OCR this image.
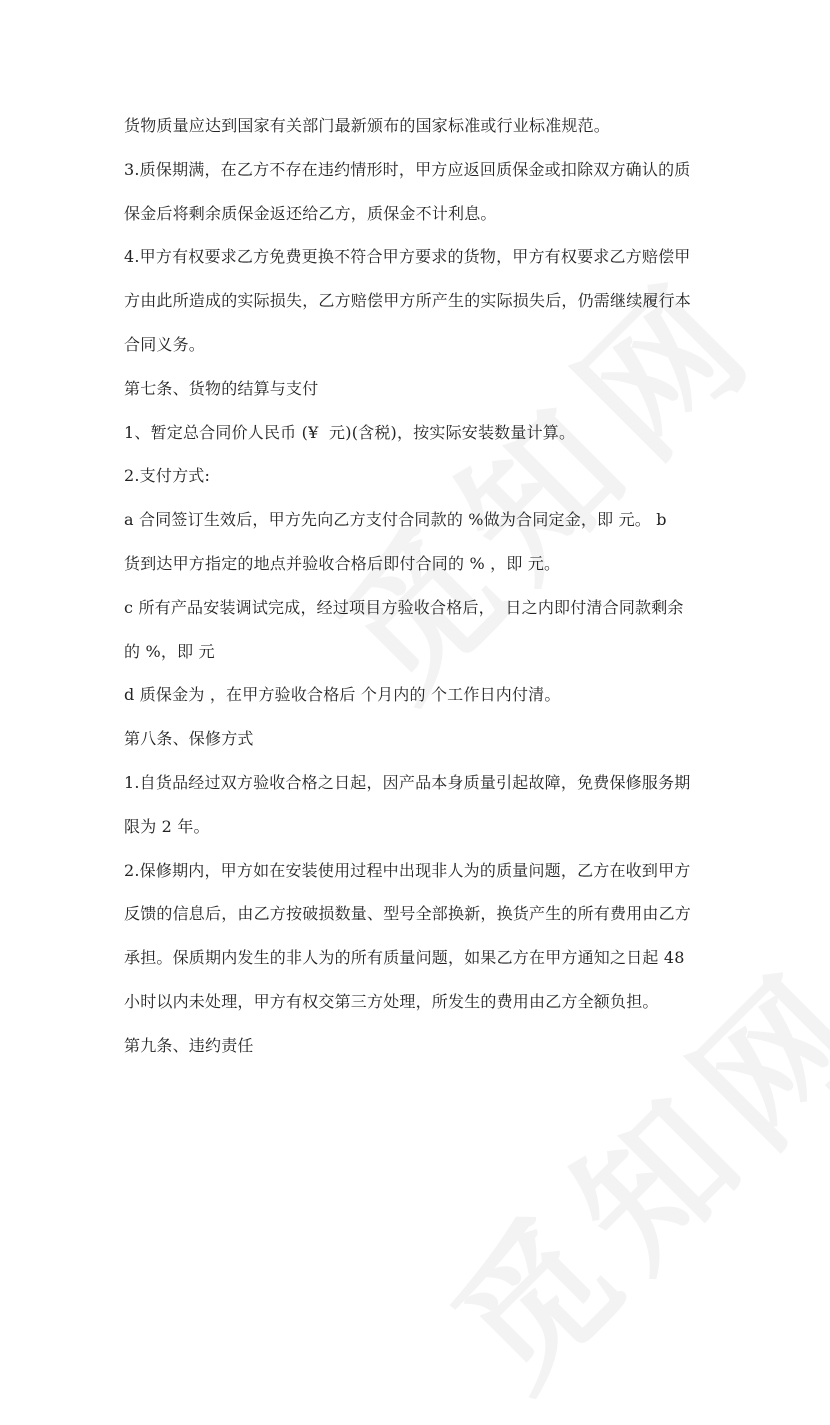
货物质量应达到国家有关部门最新颁布的国家标准或行业标准规范。
3.质保期满，在乙方不存在违约情形时，甲方应返回质保金或扣除双方确认的质
保金后将剩余质保金返还给乙方，质保金不计利息。
4.甲方有权要求乙方免费更换不符合甲方要求的货物，甲方有权要求乙方赔偿甲
方由此所造成的实际损失，乙方赔偿甲方所产生的实际损失后，仍需继续履行本
合同义务。
第七条、货物的结算与支付
1、暂定总合同价人民币 (¥  元)(含税)，按实际安装数量计算。
2.支付方式:
a 合同签订生效后，甲方先向乙方支付合同款的 %做为合同定金，即 元。 b
货到达甲方指定的地点并验收合格后即付合同的 % ，即 元。
c 所有产品安装调试完成，经过项目方验收合格后，  日之内即付清合同款剩余
的 %，即 元
d 质保金为 ，在甲方验收合格后 个月内的 个工作日内付清。
第八条、保修方式
1.自货品经过双方验收合格之日起，因产品本身质量引起故障，免费保修服务期
限为 2 年。
2.保修期内，甲方如在安装使用过程中出现非人为的质量问题，乙方在收到甲方
反馈的信息后，由乙方按破损数量、型号全部换新，换货产生的所有费用由乙方
承担。保质期内发生的非人为的所有质量问题，如果乙方在甲方通知之日起 48
小时以内未处理，甲方有权交第三方处理，所发生的费用由乙方全额负担。
第九条、违约责任
